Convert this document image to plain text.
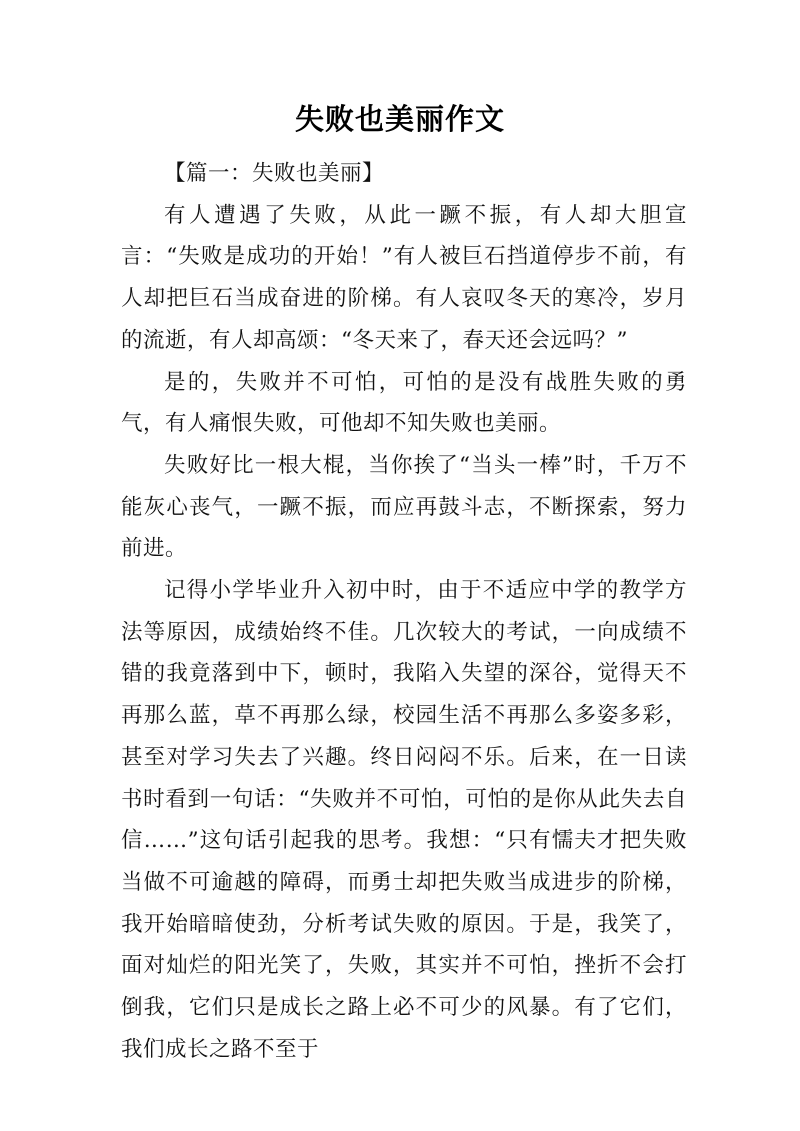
失败也美丽作文

【篇一：失败也美丽】

有人遭遇了失败，从此一蹶不振，有人却大胆宣言：“失败是成功的开始！”有人被巨石挡道停步不前，有人却把巨石当成奋进的阶梯。有人哀叹冬天的寒冷，岁月的流逝，有人却高颂：“冬天来了，春天还会远吗？”

是的，失败并不可怕，可怕的是没有战胜失败的勇气，有人痛恨失败，可他却不知失败也美丽。

失败好比一根大棍，当你挨了“当头一棒”时，千万不能灰心丧气，一蹶不振，而应再鼓斗志，不断探索，努力前进。

记得小学毕业升入初中时，由于不适应中学的教学方法等原因，成绩始终不佳。几次较大的考试，一向成绩不错的我竟落到中下，顿时，我陷入失望的深谷，觉得天不再那么蓝，草不再那么绿，校园生活不再那么多姿多彩，甚至对学习失去了兴趣。终日闷闷不乐。后来，在一日读书时看到一句话：“失败并不可怕，可怕的是你从此失去自信……”这句话引起我的思考。我想：“只有懦夫才把失败当做不可逾越的障碍，而勇士却把失败当成进步的阶梯，我开始暗暗使劲，分析考试失败的原因。于是，我笑了，面对灿烂的阳光笑了，失败，其实并不可怕，挫折不会打倒我，它们只是成长之路上必不可少的风暴。有了它们，我们成长之路不至于
